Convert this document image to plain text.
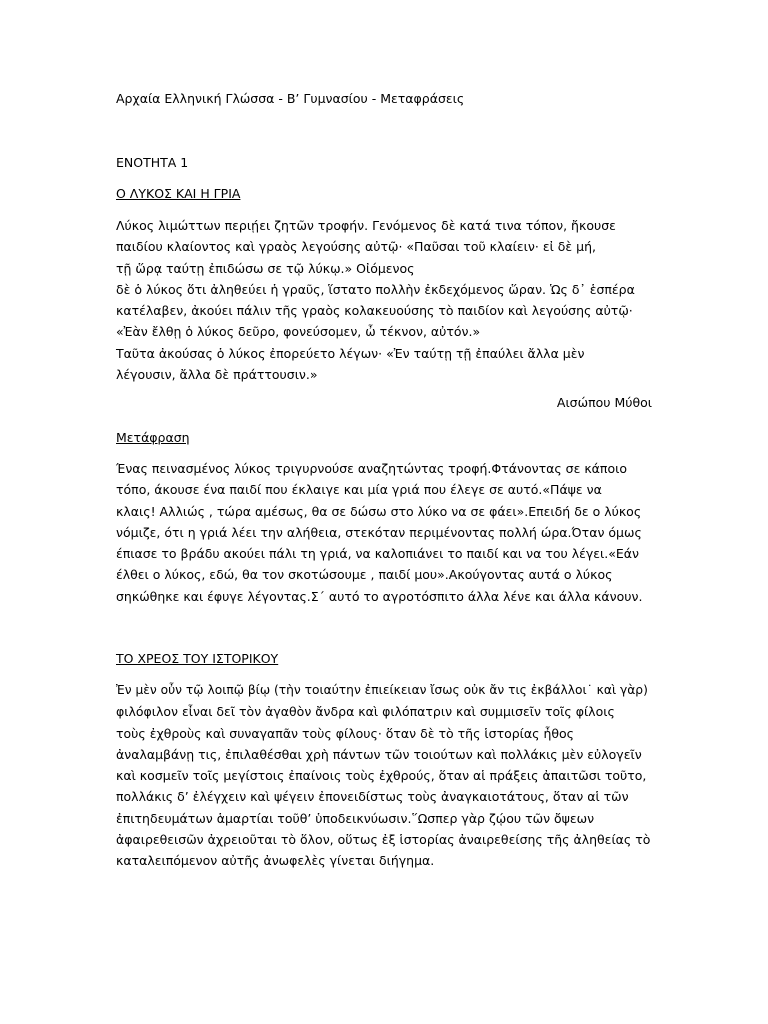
Αρχαία Ελληνική Γλώσσα - Β’ Γυμνασίου - Μεταφράσεις
ΕΝΟΤΗΤΑ 1
Ο ΛΥΚΟΣ ΚΑΙ Η ΓΡΙΑ
Λύκος λιμώττων περιῄει ζητῶν τροφήν. Γενόμενος δὲ κατά τινα τόπον, ἤκουσε
παιδίου κλαίοντος καὶ γραὸς λεγούσης αὐτῷ· «Παῦσαι τοῦ κλαίειν· εἰ δὲ μή,
τῇ ὥρᾳ ταύτῃ ἐπιδώσω σε τῷ λύκῳ.» Οἰόμενος
δὲ ὁ λύκος ὅτι ἀληθεύει ἡ γραῦς, ἵστατο πολλὴν ἐκδεχόμενος ὥραν. Ὡς δ᾽ ἑσπέρα
κατέλαβεν, ἀκούει πάλιν τῆς γραὸς κολακευούσης τὸ παιδίον καὶ λεγούσης αὐτῷ·
«Ἐὰν ἔλθῃ ὁ λύκος δεῦρο, φονεύσομεν, ὦ τέκνον, αὐτόν.»
Ταῦτα ἀκούσας ὁ λύκος ἐπορεύετο λέγων· «Ἐν ταύτῃ τῇ ἐπαύλει ἄλλα μὲν
λέγουσιν, ἄλλα δὲ πράττουσιν.»
Αισώπου Μύθοι
Μετάφραση
Ένας πεινασμένος λύκος τριγυρνούσε αναζητώντας τροφή.Φτάνοντας σε κάποιο
τόπο, άκουσε ένα παιδί που έκλαιγε και μία γριά που έλεγε σε αυτό.«Πάψε να
κλαις! Αλλιώς , τώρα αμέσως, θα σε δώσω στο λύκο να σε φάει».Επειδή δε ο λύκος
νόμιζε, ότι η γριά λέει την αλήθεια, στεκόταν περιμένοντας πολλή ώρα.Όταν όμως
έπιασε το βράδυ ακούει πάλι τη γριά, να καλοπιάνει το παιδί και να του λέγει.«Εάν
έλθει ο λύκος, εδώ, θα τον σκοτώσουμε , παιδί μου».Ακούγοντας αυτά ο λύκος
σηκώθηκε και έφυγε λέγοντας.Σ΄ αυτό το αγροτόσπιτο άλλα λένε και άλλα κάνουν.
ΤΟ ΧΡΕΟΣ ΤΟΥ ΙΣΤΟΡΙΚΟΥ
Ἐν μὲν οὖν τῷ λοιπῷ βίῳ (τὴν τοιαύτην ἐπιείκειαν ἴσως οὐκ ἄν τις ἐκβάλλοι˙ καὶ γὰρ)
φιλόφιλον εἶναι δεῖ τὸν ἀγαθὸν ἄνδρα καὶ φιλόπατριν καὶ συμμισεῖν τοῖς φίλοις
τοὺς ἐχθροὺς καὶ συναγαπᾶν τοὺς φίλους· ὅταν δὲ τὸ τῆς ἱστορίας ἦθος
ἀναλαμβάνῃ τις, ἐπιλαθέσθαι χρὴ πάντων τῶν τοιούτων καὶ πολλάκις μὲν εὐλογεῖν
καὶ κοσμεῖν τοῖς μεγίστοις ἐπαίνοις τοὺς ἐχθρούς, ὅταν αἱ πράξεις ἀπαιτῶσι τοῦτο,
πολλάκις δ’ ἐλέγχειν καὶ ψέγειν ἐπονειδίστως τοὺς ἀναγκαιοτάτους, ὅταν αἱ τῶν
ἐπιτηδευμάτων ἁμαρτίαι τοῦθ’ ὑποδεικνύωσιν.῞Ωσπερ γὰρ ζῴου τῶν ὄψεων
ἀφαιρεθεισῶν ἀχρειοῦται τὸ ὅλον, οὕτως ἐξ ἱστορίας ἀναιρεθείσης τῆς ἀληθείας τὸ
καταλειπόμενον αὐτῆς ἀνωφελὲς γίνεται διήγημα.
